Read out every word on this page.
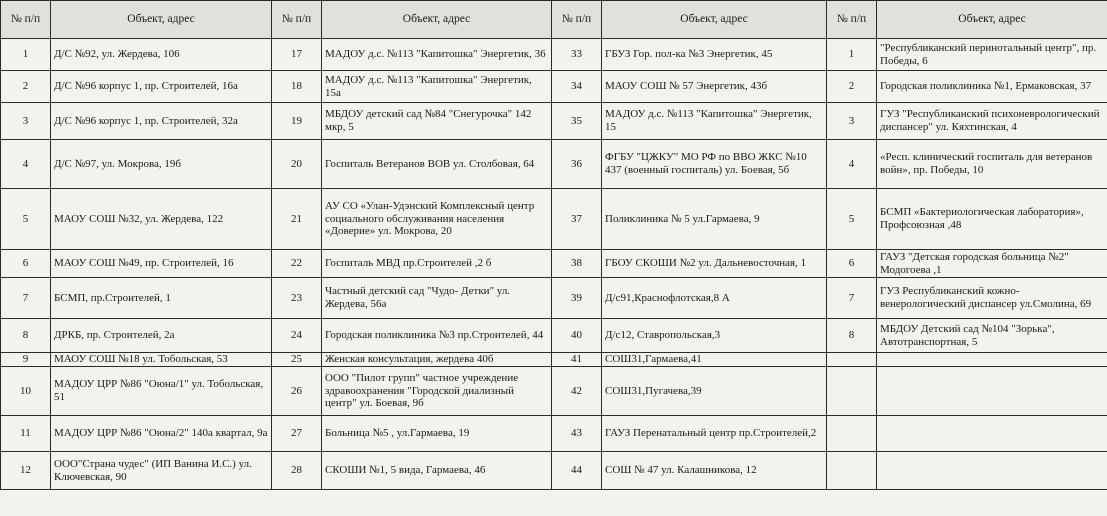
№ п/п	Объект, адрес	№ п/п	Объект, адрес	№ п/п	Объект, адрес	№ п/п	Объект, адрес
1	Д/С №92, ул. Жердева, 106	17	МАДОУ д.с. №113 "Капитошка" Энергетик, 36	33	ГБУЗ Гор. пол-ка №3 Энергетик, 45	1	"Республиканский перинотальный центр", пр. Победы, 6
2	Д/С №96 корпус 1, пр. Строителей, 16а	18	МАДОУ д.с. №113 "Капитошка" Энергетик, 15а	34	МАОУ СОШ № 57 Энергетик, 43б	2	Городская поликлиника №1, Ермаковская, 37
3	Д/С №96 корпус 1, пр. Строителей, 32а	19	МБДОУ детский сад №84 "Снегурочка" 142 мкр, 5	35	МАДОУ д.с. №113 "Капитошка" Энергетик, 15	3	ГУЗ "Республиканский психоневрологический диспансер" ул. Кяхтинская, 4
4	Д/С №97, ул. Мокрова, 19б	20	Госпиталь Ветеранов ВОВ ул. Столбовая, 64	36	ФГБУ "ЦЖКУ" МО РФ по ВВО ЖКС №10 437 (военный госпиталь) ул. Боевая, 5б	4	«Респ. клинический госпиталь для ветеранов войн», пр. Победы, 10
5	МАОУ СОШ №32, ул. Жердева, 122	21	АУ СО «Улан-Удэнский Комплексный центр социального обслуживания населения «Доверие» ул. Мокрова, 20	37	Поликлиника № 5 ул.Гармаева, 9	5	БСМП «Бактериологическая лаборатория», Профсоюзная ,48
6	МАОУ СОШ №49, пр. Строителей, 16	22	Госпиталь МВД пр.Строителей ,2 б	38	ГБОУ СКОШИ №2 ул. Дальневосточная, 1	6	ГАУЗ "Детская городская больница №2" Модогоева ,1
7	БСМП, пр.Строителей, 1	23	Частный детский сад "Чудо- Детки" ул. Жердева, 56а	39	Д/с91,Краснофлотская,8 А	7	ГУЗ Республиканский кожно-венерологический диспансер ул.Смолина, 69
8	ДРКБ, пр. Строителей, 2а	24	Городская поликлиника №3 пр.Строителей, 44	40	Д/с12, Ставропольская,3	8	МБДОУ Детский сад №104 "Зорька", Автотранспортная, 5
9	МАОУ СОШ №18 ул. Тобольская, 53	25	Женская консультация, жердева 40б	41	СОШ31,Гармаева,41		
10	МАДОУ ЦРР №86 "Оюна/1" ул. Тобольская, 51	26	ООО "Пилот групп" частное учреждение здравоохранения "Городской диализный центр" ул. Боевая, 9б	42	СОШ31,Пугачева,39		
11	МАДОУ ЦРР №86 "Оюна/2" 140а квартал, 9а	27	Больница №5 , ул.Гармаева, 19	43	ГАУЗ Перенатальный центр пр.Строителей,2		
12	ООО"Страна чудес" (ИП Ванина И.С.) ул. Ключевская, 90	28	СКОШИ №1, 5 вида, Гармаева, 46	44	СОШ № 47 ул. Калашникова, 12		
